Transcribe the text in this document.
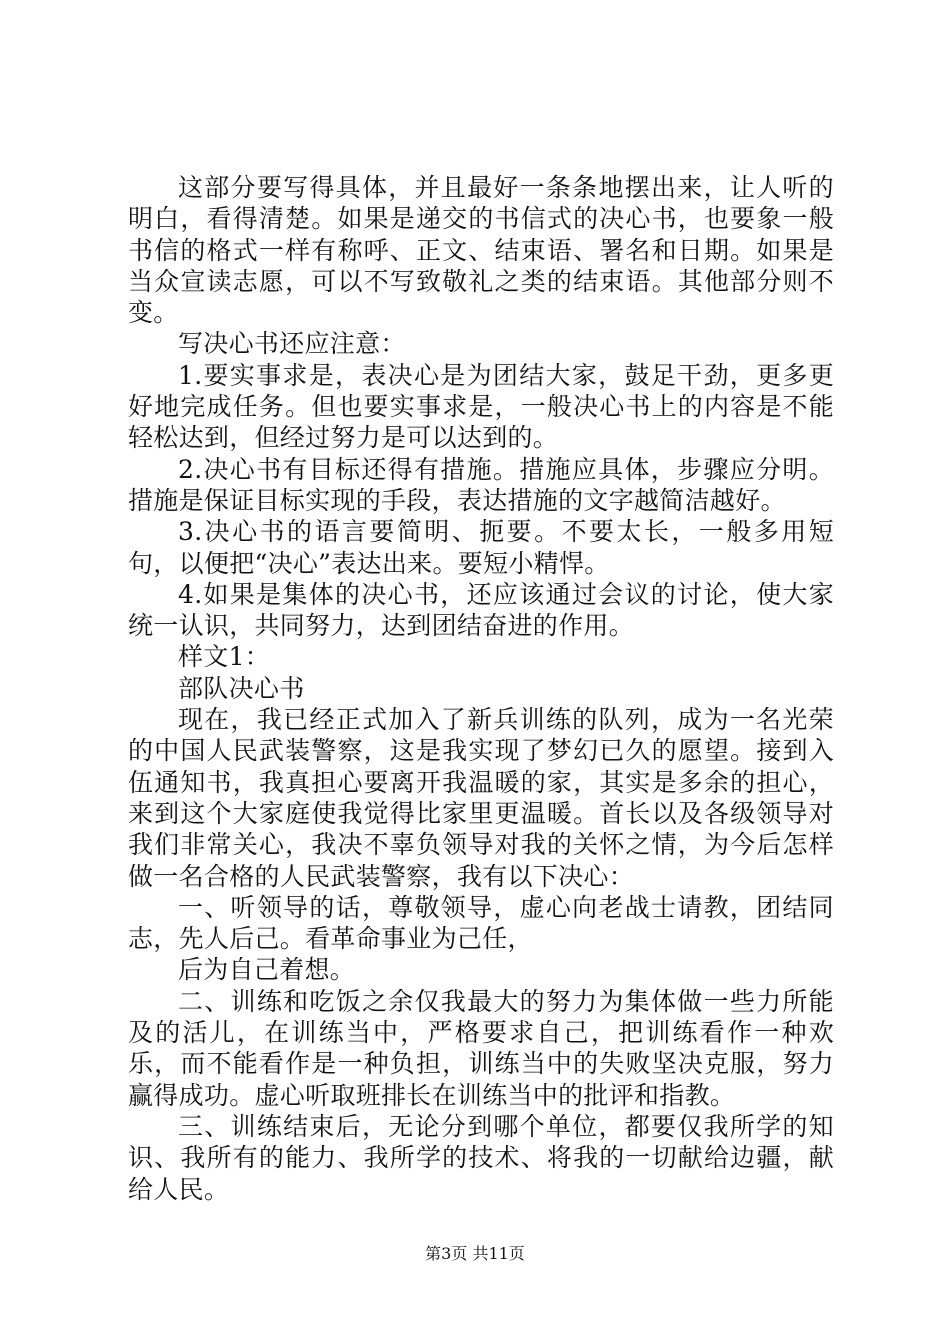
这部分要写得具体，并且最好一条条地摆出来，让人听的明白，看得清楚。如果是递交的书信式的决心书，也要象一般书信的格式一样有称呼、正文、结束语、署名和日期。如果是当众宣读志愿，可以不写致敬礼之类的结束语。其他部分则不变。

写决心书还应注意：

1.要实事求是，表决心是为团结大家，鼓足干劲，更多更好地完成任务。但也要实事求是，一般决心书上的内容是不能轻松达到，但经过努力是可以达到的。

2.决心书有目标还得有措施。措施应具体，步骤应分明。措施是保证目标实现的手段，表达措施的文字越简洁越好。

3.决心书的语言要简明、扼要。不要太长，一般多用短句，以便把“决心”表达出来。要短小精悍。

4.如果是集体的决心书，还应该通过会议的讨论，使大家统一认识，共同努力，达到团结奋进的作用。

样文1：

部队决心书

现在，我已经正式加入了新兵训练的队列，成为一名光荣的中国人民武装警察，这是我实现了梦幻已久的愿望。接到入伍通知书，我真担心要离开我温暖的家，其实是多余的担心，来到这个大家庭使我觉得比家里更温暖。首长以及各级领导对我们非常关心，我决不辜负领导对我的关怀之情，为今后怎样做一名合格的人民武装警察，我有以下决心：

一、听领导的话，尊敬领导，虚心向老战士请教，团结同志，先人后己。看革命事业为己任，

后为自己着想。

二、训练和吃饭之余仅我最大的努力为集体做一些力所能及的活儿，在训练当中，严格要求自己，把训练看作一种欢乐，而不能看作是一种负担，训练当中的失败坚决克服，努力赢得成功。虚心听取班排长在训练当中的批评和指教。

三、训练结束后，无论分到哪个单位，都要仅我所学的知识、我所有的能力、我所学的技术、将我的一切献给边疆，献给人民。

第3页 共11页
